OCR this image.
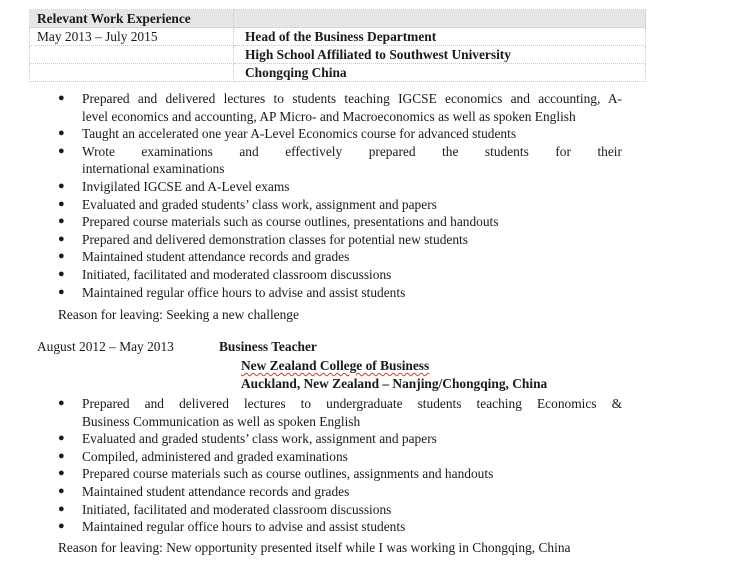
Relevant Work Experience	
May 2013 – July 2015	Head of the Business Department
	High School Affiliated to Southwest University
	Chongqing China
● Prepared and delivered lectures to students teaching IGCSE economics and accounting, A-
level economics and accounting, AP Micro- and Macroeconomics as well as spoken English
● Taught an accelerated one year A-Level Economics course for advanced students
● Wrote examinations and effectively prepared the students for their
international examinations
● Invigilated IGCSE and A-Level exams
● Evaluated and graded students’ class work, assignment and papers
● Prepared course materials such as course outlines, presentations and handouts
● Prepared and delivered demonstration classes for potential new students
● Maintained student attendance records and grades
● Initiated, facilitated and moderated classroom discussions
● Maintained regular office hours to advise and assist students
Reason for leaving: Seeking a new challenge
August 2012 – May 2013	Business Teacher
New Zealand College of Business
Auckland, New Zealand – Nanjing/Chongqing, China
● Prepared and delivered lectures to undergraduate students teaching Economics &
Business Communication as well as spoken English
● Evaluated and graded students’ class work, assignment and papers
● Compiled, administered and graded examinations
● Prepared course materials such as course outlines, assignments and handouts
● Maintained student attendance records and grades
● Initiated, facilitated and moderated classroom discussions
● Maintained regular office hours to advise and assist students
Reason for leaving: New opportunity presented itself while I was working in Chongqing, China
